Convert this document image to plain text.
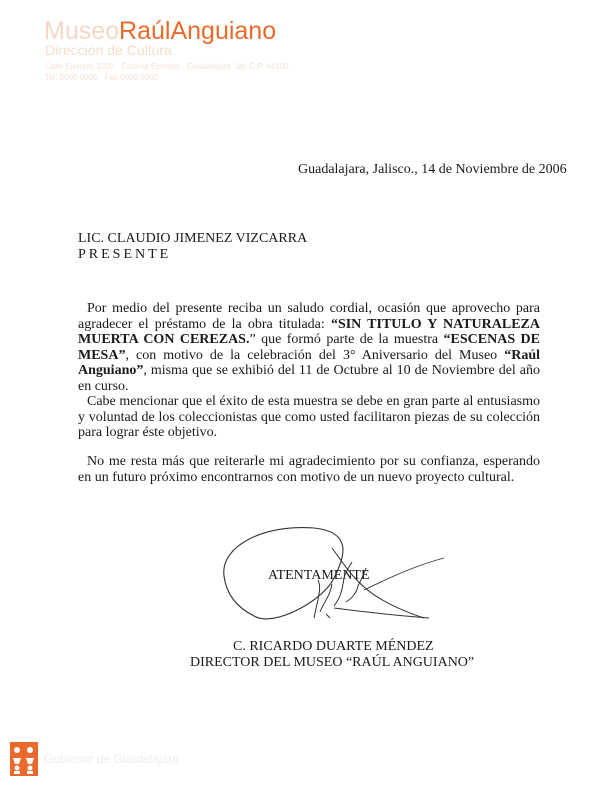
MuseoRaúlAnguiano
Dirección de Cultura
Calle Ejemplo 2200 · Colonia Ejemplo · Guadalajara, Jal. C.P. 44100
Tel. 0000 0000 · Fax 0000 0000
Guadalajara, Jalisco., 14 de Noviembre de 2006
LIC. CLAUDIO JIMENEZ VIZCARRA
PRESENTE
Por medio del presente reciba un saludo cordial, ocasión que aprovecho para agradecer el préstamo de la obra titulada: “SIN TITULO Y NATURALEZA MUERTA CON CEREZAS.” que formó parte de la muestra “ESCENAS DE MESA”, con motivo de la celebración del 3° Aniversario del Museo “Raúl Anguiano”, misma que se exhibió del 11 de Octubre al 10 de Noviembre del año en curso.
Cabe mencionar que el éxito de esta muestra se debe en gran parte al entusiasmo y voluntad de los coleccionistas que como usted facilitaron piezas de su colección para lograr éste objetivo.
No me resta más que reiterarle mi agradecimiento por su confianza, esperando en un futuro próximo encontrarnos con motivo de un nuevo proyecto cultural.
ATENTAMENTE
C. RICARDO DUARTE MÉNDEZ
DIRECTOR DEL MUSEO “RAÚL ANGUIANO”
Gobierno de Guadalajara
